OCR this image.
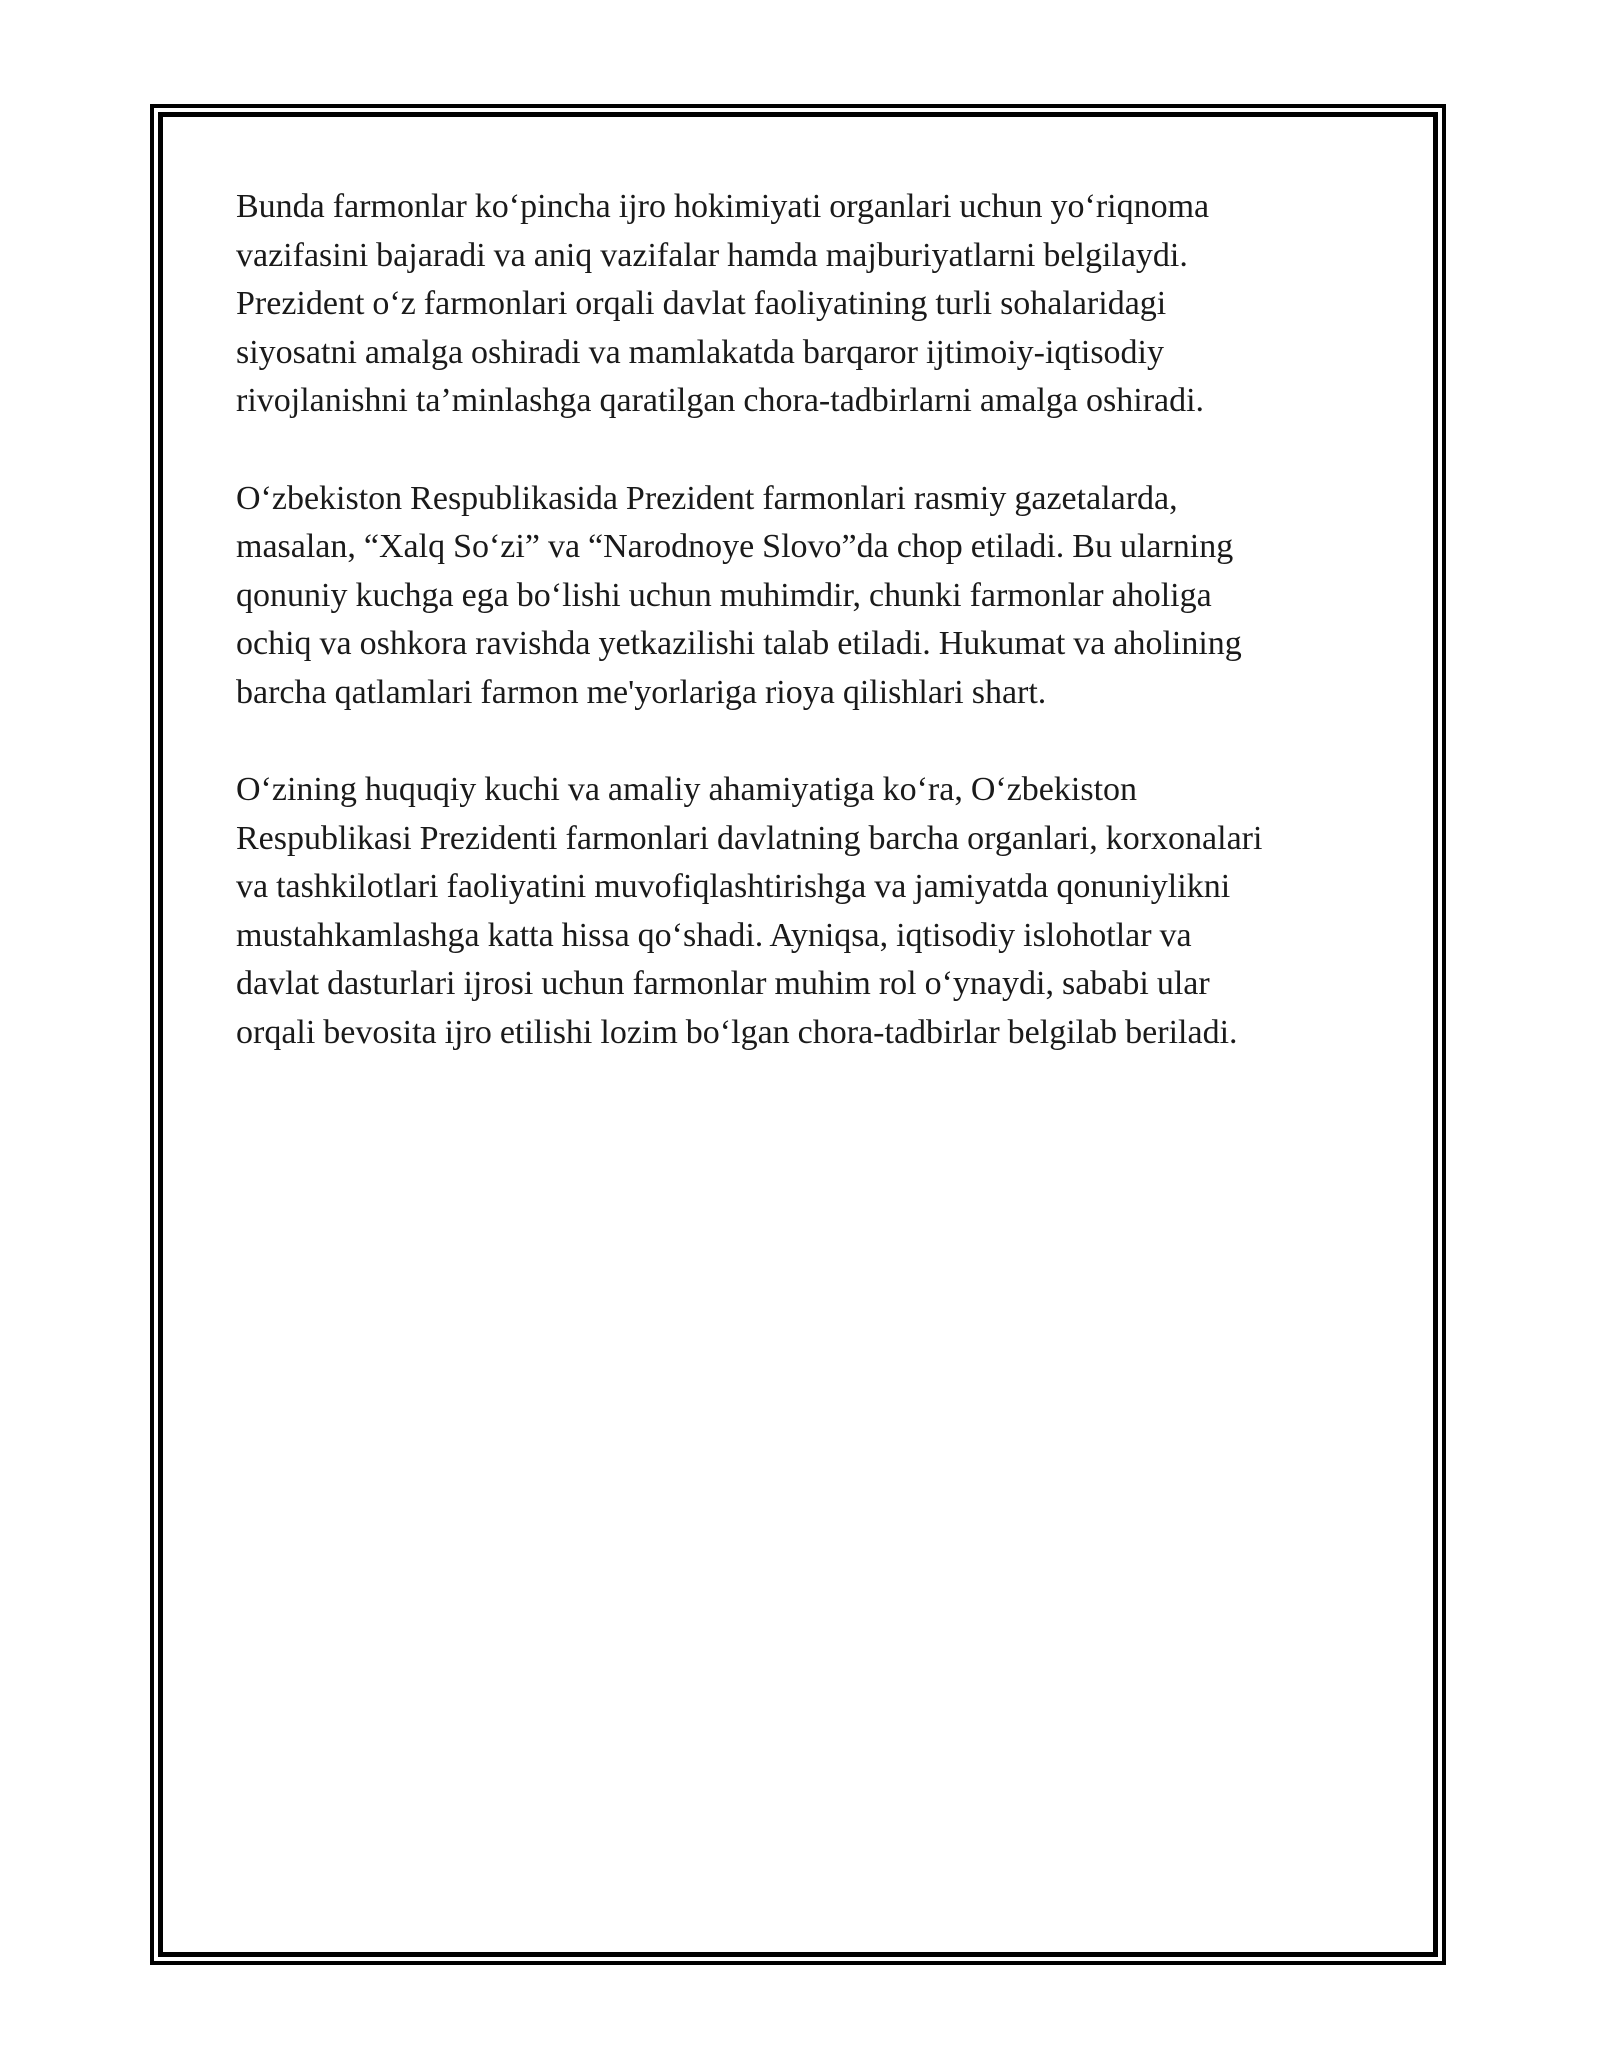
Bunda farmonlar ko‘pincha ijro hokimiyati organlari uchun yo‘riqnoma
vazifasini bajaradi va aniq vazifalar hamda majburiyatlarni belgilaydi.
Prezident o‘z farmonlari orqali davlat faoliyatining turli sohalaridagi
siyosatni amalga oshiradi va mamlakatda barqaror ijtimoiy-iqtisodiy
rivojlanishni ta’minlashga qaratilgan chora-tadbirlarni amalga oshiradi.

O‘zbekiston Respublikasida Prezident farmonlari rasmiy gazetalarda,
masalan, “Xalq So‘zi” va “Narodnoye Slovo”da chop etiladi. Bu ularning
qonuniy kuchga ega bo‘lishi uchun muhimdir, chunki farmonlar aholiga
ochiq va oshkora ravishda yetkazilishi talab etiladi. Hukumat va aholining
barcha qatlamlari farmon me'yorlariga rioya qilishlari shart.

O‘zining huquqiy kuchi va amaliy ahamiyatiga ko‘ra, O‘zbekiston
Respublikasi Prezidenti farmonlari davlatning barcha organlari, korxonalari
va tashkilotlari faoliyatini muvofiqlashtirishga va jamiyatda qonuniylikni
mustahkamlashga katta hissa qo‘shadi. Ayniqsa, iqtisodiy islohotlar va
davlat dasturlari ijrosi uchun farmonlar muhim rol o‘ynaydi, sababi ular
orqali bevosita ijro etilishi lozim bo‘lgan chora-tadbirlar belgilab beriladi.
